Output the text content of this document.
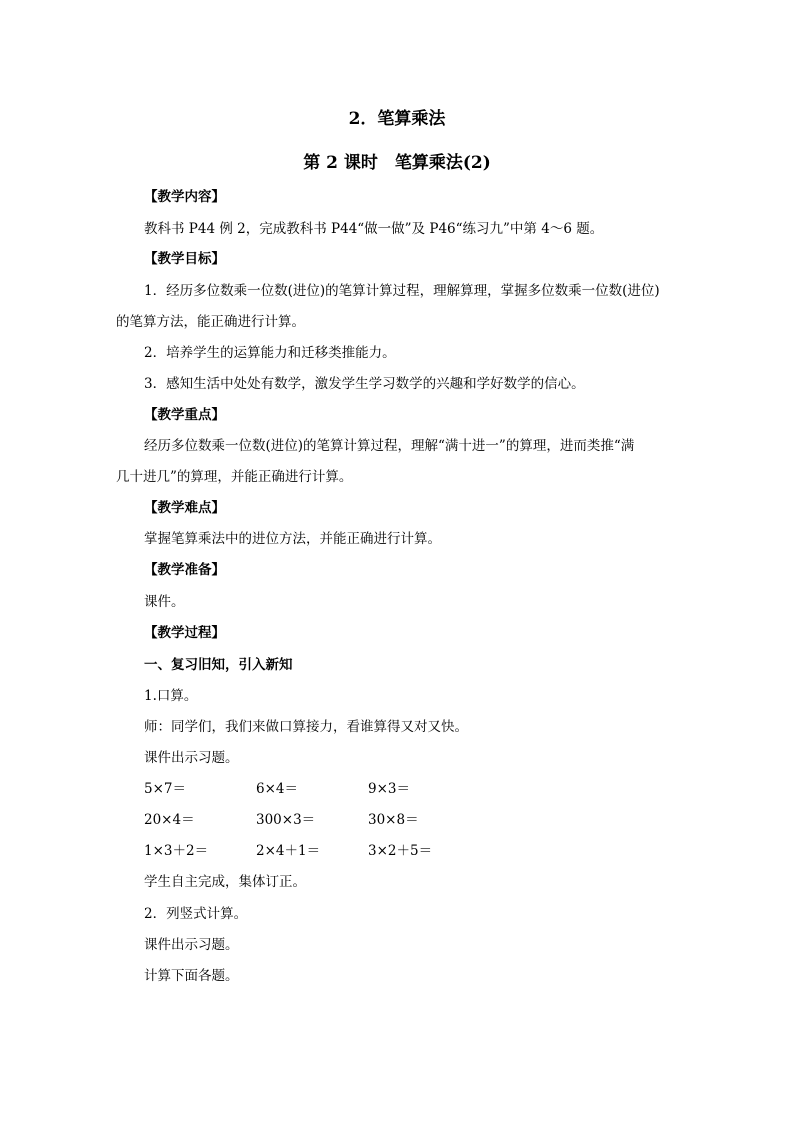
2．笔算乘法
第 2 课时　笔算乘法(2)
【教学内容】
教科书 P44 例 2，完成教科书 P44“做一做”及 P46“练习九”中第 4～6 题。
【教学目标】
1．经历多位数乘一位数(进位)的笔算计算过程，理解算理，掌握多位数乘一位数(进位)
的笔算方法，能正确进行计算。
2．培养学生的运算能力和迁移类推能力。
3．感知生活中处处有数学，激发学生学习数学的兴趣和学好数学的信心。
【教学重点】
经历多位数乘一位数(进位)的笔算计算过程，理解“满十进一”的算理，进而类推“满
几十进几”的算理，并能正确进行计算。
【教学难点】
掌握笔算乘法中的进位方法，并能正确进行计算。
【教学准备】
课件。
【教学过程】
一、复习旧知，引入新知
1.口算。
师：同学们，我们来做口算接力，看谁算得又对又快。
课件出示习题。
5×7＝	6×4＝	9×3＝
20×4＝	300×3＝	30×8＝
1×3＋2＝	2×4＋1＝	3×2＋5＝
学生自主完成，集体订正。
2．列竖式计算。
课件出示习题。
计算下面各题。
